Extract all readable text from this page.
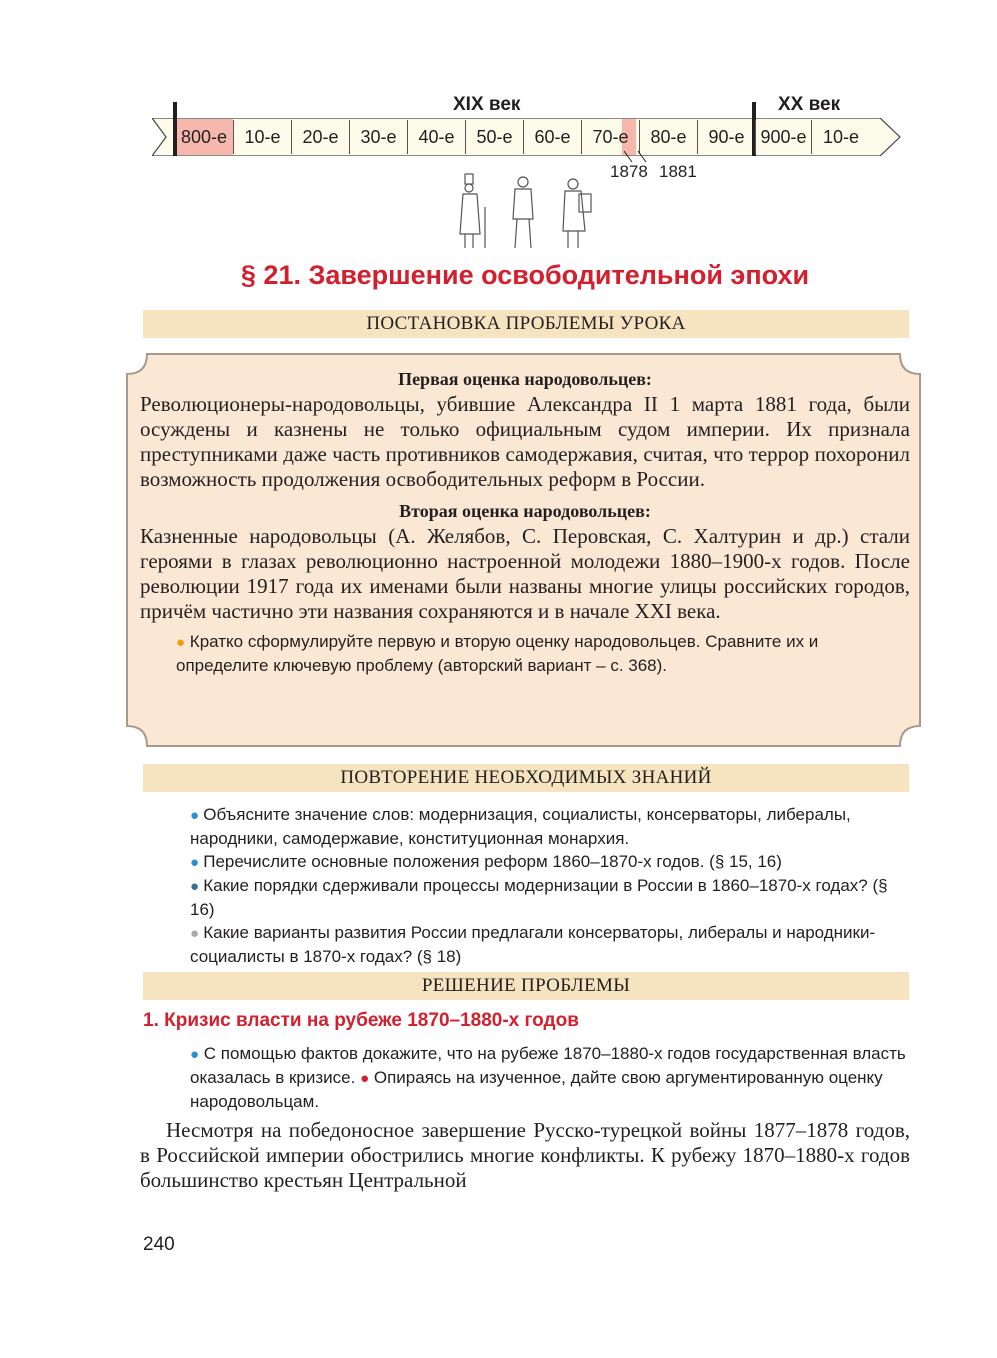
XIX век	XX век
800-е 10-е	20-е	30-е	40-е	50-е	60-е	70-е	80-е	90-е 900-е 10-е
1878 1881
§ 21. Завершение освободительной эпохи
ПОСТАНОВКА ПРОБЛЕМЫ УРОКА
Первая оценка народовольцев:
Революционеры-народовольцы, убившие Александра II 1 марта 1881 года, были осуждены и казнены не только официальным судом империи. Их признала преступниками даже часть противников самодержавия, считая, что террор похоронил возможность продолжения освободительных реформ в России.
Вторая оценка народовольцев:
Казненные народовольцы (А. Желябов, С. Перовская, С. Халтурин и др.) стали героями в глазах революционно настроенной молодежи 1880–1900-х годов. После революции 1917 года их именами были названы многие улицы российских городов, причём частично эти названия сохраняются и в начале XXI века.
● Кратко сформулируйте первую и вторую оценку народовольцев. Сравните их и определите ключевую проблему (авторский вариант – с. 368).
ПОВТОРЕНИЕ НЕОБХОДИМЫХ ЗНАНИЙ
● Объясните значение слов: модернизация, социалисты, консерваторы, либералы, народники, самодержавие, конституционная монархия.
● Перечислите основные положения реформ 1860–1870-х годов. (§ 15, 16)
● Какие порядки сдерживали процессы модернизации в России в 1860–1870-х годах? (§ 16)
● Какие варианты развития России предлагали консерваторы, либералы и народники-социалисты в 1870-х годах? (§ 18)
РЕШЕНИЕ ПРОБЛЕМЫ
1. Кризис власти на рубеже 1870–1880-х годов
● С помощью фактов докажите, что на рубеже 1870–1880-х годов государственная власть оказалась в кризисе. ● Опираясь на изученное, дайте свою аргументированную оценку народовольцам.
Несмотря на победоносное завершение Русско-турецкой войны 1877–1878 годов, в Российской империи обострились многие конфликты. К рубежу 1870–1880-х годов большинство крестьян Центральной
240
